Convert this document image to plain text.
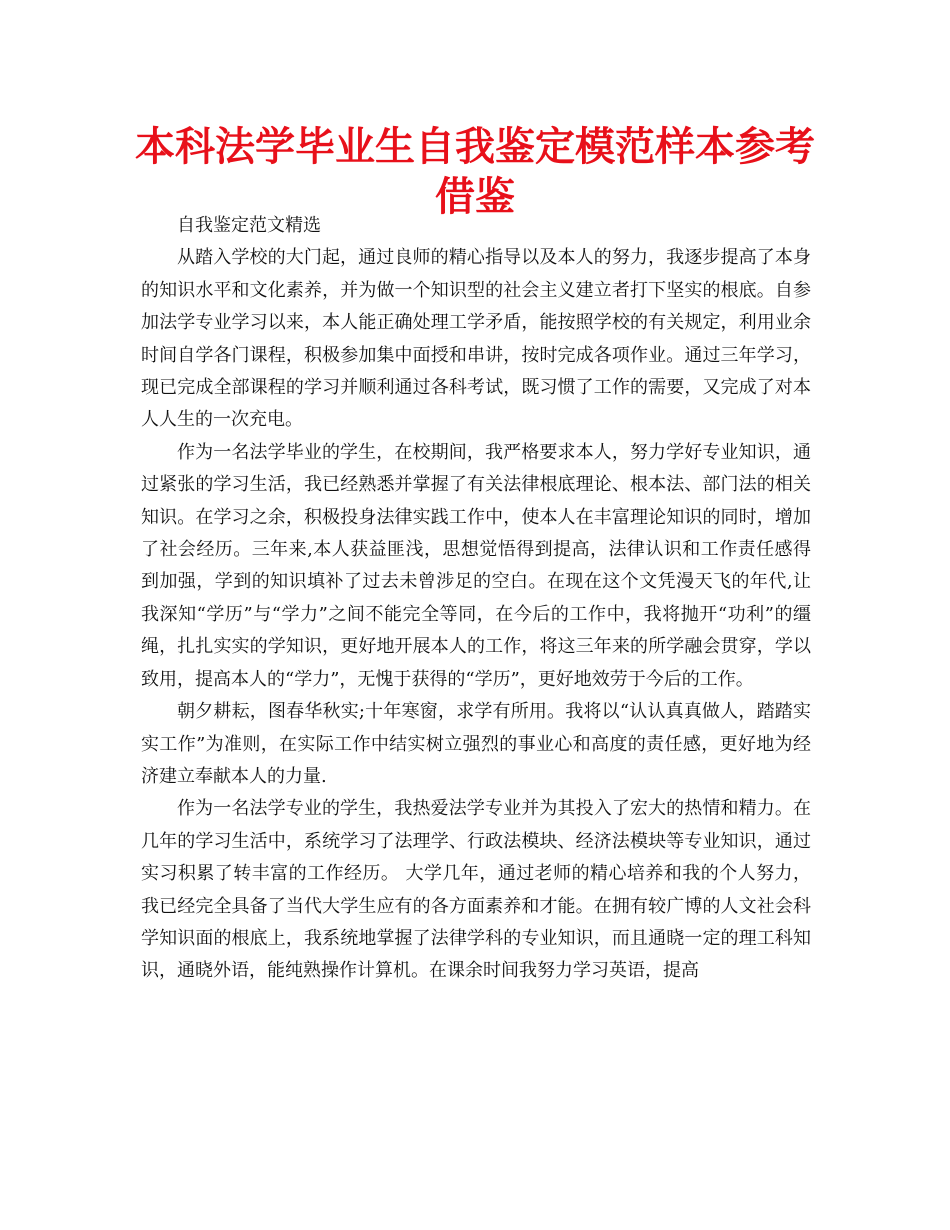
本科法学毕业生自我鉴定模范样本参考借鉴

自我鉴定范文精选

从踏入学校的大门起，通过良师的精心指导以及本人的努力，我逐步提高了本身的知识水平和文化素养，并为做一个知识型的社会主义建立者打下坚实的根底。自参加法学专业学习以来，本人能正确处理工学矛盾，能按照学校的有关规定，利用业余时间自学各门课程，积极参加集中面授和串讲，按时完成各项作业。通过三年学习，现已完成全部课程的学习并顺利通过各科考试，既习惯了工作的需要，又完成了对本人人生的一次充电。

作为一名法学毕业的学生，在校期间，我严格要求本人，努力学好专业知识，通过紧张的学习生活，我已经熟悉并掌握了有关法律根底理论、根本法、部门法的相关知识。在学习之余，积极投身法律实践工作中，使本人在丰富理论知识的同时，增加了社会经历。三年来,本人获益匪浅，思想觉悟得到提高，法律认识和工作责任感得到加强，学到的知识填补了过去未曾涉足的空白。在现在这个文凭漫天飞的年代,让我深知“学历”与“学力”之间不能完全等同，在今后的工作中，我将抛开“功利”的缰绳，扎扎实实的学知识，更好地开展本人的工作，将这三年来的所学融会贯穿，学以致用，提高本人的“学力”，无愧于获得的“学历”，更好地效劳于今后的工作。

朝夕耕耘，图春华秋实;十年寒窗，求学有所用。我将以“认认真真做人，踏踏实实工作”为准则，在实际工作中结实树立强烈的事业心和高度的责任感，更好地为经济建立奉献本人的力量.

作为一名法学专业的学生，我热爱法学专业并为其投入了宏大的热情和精力。在几年的学习生活中，系统学习了法理学、行政法模块、经济法模块等专业知识，通过实习积累了转丰富的工作经历。 大学几年，通过老师的精心培养和我的个人努力，我已经完全具备了当代大学生应有的各方面素养和才能。在拥有较广博的人文社会科学知识面的根底上，我系统地掌握了法律学科的专业知识，而且通晓一定的理工科知识，通晓外语，能纯熟操作计算机。在课余时间我努力学习英语，提高
